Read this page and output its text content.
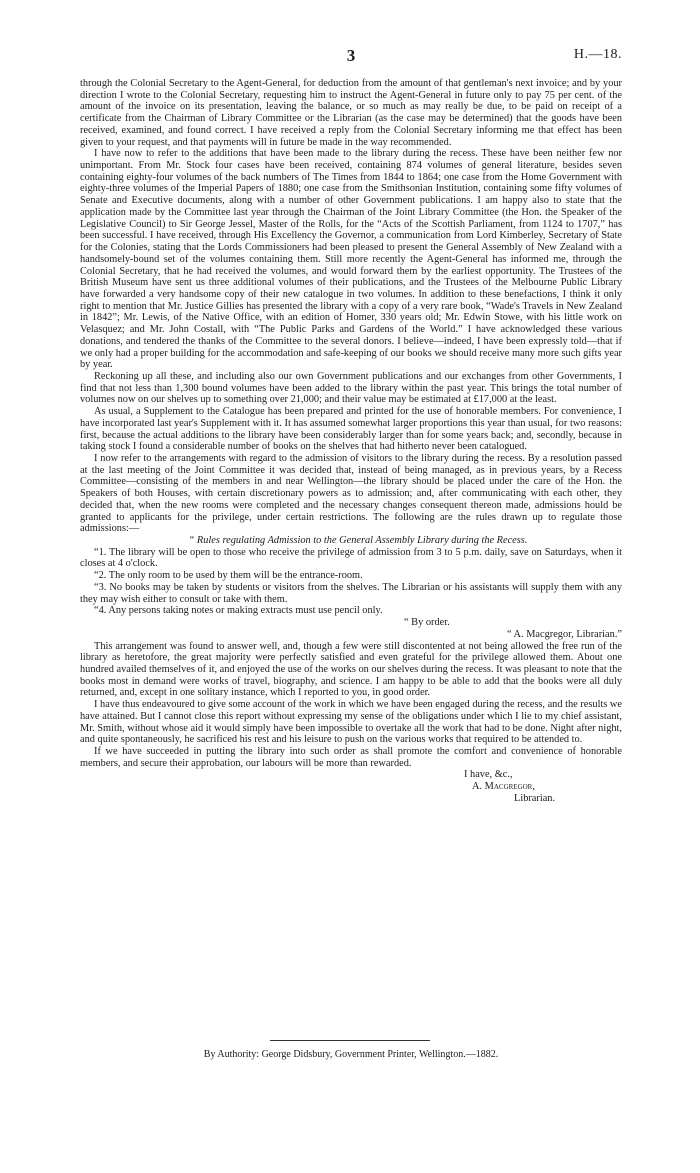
3	H.—18.

through the Colonial Secretary to the Agent-General, for deduction from the amount of that gentleman's next invoice; and by your direction I wrote to the Colonial Secretary, requesting him to instruct the Agent-General in future only to pay 75 per cent. of the amount of the invoice on its presentation, leaving the balance, or so much as may really be due, to be paid on receipt of a certificate from the Chairman of Library Committee or the Librarian (as the case may be determined) that the goods have been received, examined, and found correct. I have received a reply from the Colonial Secretary informing me that effect has been given to your request, and that payments will in future be made in the way recommended.

I have now to refer to the additions that have been made to the library during the recess. These have been neither few nor unimportant. From Mr. Stock four cases have been received, containing 874 volumes of general literature, besides seven containing eighty-four volumes of the back numbers of The Times from 1844 to 1864; one case from the Home Government with eighty-three volumes of the Imperial Papers of 1880; one case from the Smithsonian Institution, containing some fifty volumes of Senate and Executive documents, along with a number of other Government publications. I am happy also to state that the application made by the Committee last year through the Chairman of the Joint Library Committee (the Hon. the Speaker of the Legislative Council) to Sir George Jessel, Master of the Rolls, for the “Acts of the Scottish Parliament, from 1124 to 1707,” has been successful. I have received, through His Excellency the Governor, a communication from Lord Kimberley, Secretary of State for the Colonies, stating that the Lords Commissioners had been pleased to present the General Assembly of New Zealand with a handsomely-bound set of the volumes containing them. Still more recently the Agent-General has informed me, through the Colonial Secretary, that he had received the volumes, and would forward them by the earliest opportunity. The Trustees of the British Museum have sent us three additional volumes of their publications, and the Trustees of the Melbourne Public Library have forwarded a very handsome copy of their new catalogue in two volumes. In addition to these benefactions, I think it only right to mention that Mr. Justice Gillies has presented the library with a copy of a very rare book, “Wade's Travels in New Zealand in 1842”; Mr. Lewis, of the Native Office, with an edition of Homer, 330 years old; Mr. Edwin Stowe, with his little work on Velasquez; and Mr. John Costall, with “The Public Parks and Gardens of the World.” I have acknowledged these various donations, and tendered the thanks of the Committee to the several donors. I believe—indeed, I have been expressly told—that if we only had a proper building for the accommodation and safe-keeping of our books we should receive many more such gifts year by year.

Reckoning up all these, and including also our own Government publications and our exchanges from other Governments, I find that not less than 1,300 bound volumes have been added to the library within the past year. This brings the total number of volumes now on our shelves up to something over 21,000; and their value may be estimated at £17,000 at the least.

As usual, a Supplement to the Catalogue has been prepared and printed for the use of honorable members. For convenience, I have incorporated last year's Supplement with it. It has assumed somewhat larger proportions this year than usual, for two reasons: first, because the actual additions to the library have been considerably larger than for some years back; and, secondly, because in taking stock I found a considerable number of books on the shelves that had hitherto never been catalogued.

I now refer to the arrangements with regard to the admission of visitors to the library during the recess. By a resolution passed at the last meeting of the Joint Committee it was decided that, instead of being managed, as in previous years, by a Recess Committee—consisting of the members in and near Wellington—the library should be placed under the care of the Hon. the Speakers of both Houses, with certain discretionary powers as to admission; and, after communicating with each other, they decided that, when the new rooms were completed and the necessary changes consequent thereon made, admissions hould be granted to applicants for the privilege, under certain restrictions. The following are the rules drawn up to regulate those admissions:—

“ Rules regulating Admission to the General Assembly Library during the Recess.

“1. The library will be open to those who receive the privilege of admission from 3 to 5 p.m. daily, save on Saturdays, when it closes at 4 o'clock.

“2. The only room to be used by them will be the entrance-room.

“3. No books may be taken by students or visitors from the shelves. The Librarian or his assistants will supply them with any they may wish either to consult or take with them.

“4. Any persons taking notes or making extracts must use pencil only.

“ By order.

“ A. Macgregor, Librarian.”

This arrangement was found to answer well, and, though a few were still discontented at not being allowed the free run of the library as heretofore, the great majority were perfectly satisfied and even grateful for the privilege allowed them. About one hundred availed themselves of it, and enjoyed the use of the works on our shelves during the recess. It was pleasant to note that the books most in demand were works of travel, biography, and science. I am happy to be able to add that the books were all duly returned, and, except in one solitary instance, which I reported to you, in good order.

I have thus endeavoured to give some account of the work in which we have been engaged during the recess, and the results we have attained. But I cannot close this report without expressing my sense of the obligations under which I lie to my chief assistant, Mr. Smith, without whose aid it would simply have been impossible to overtake all the work that had to be done. Night after night, and quite spontaneously, he sacrificed his rest and his leisure to push on the various works that required to be attended to.

If we have succeeded in putting the library into such order as shall promote the comfort and convenience of honorable members, and secure their approbation, our labours will be more than rewarded.

I have, &c.,

A. Macgregor,

Librarian.

By Authority: George Didsbury, Government Printer, Wellington.—1882.
